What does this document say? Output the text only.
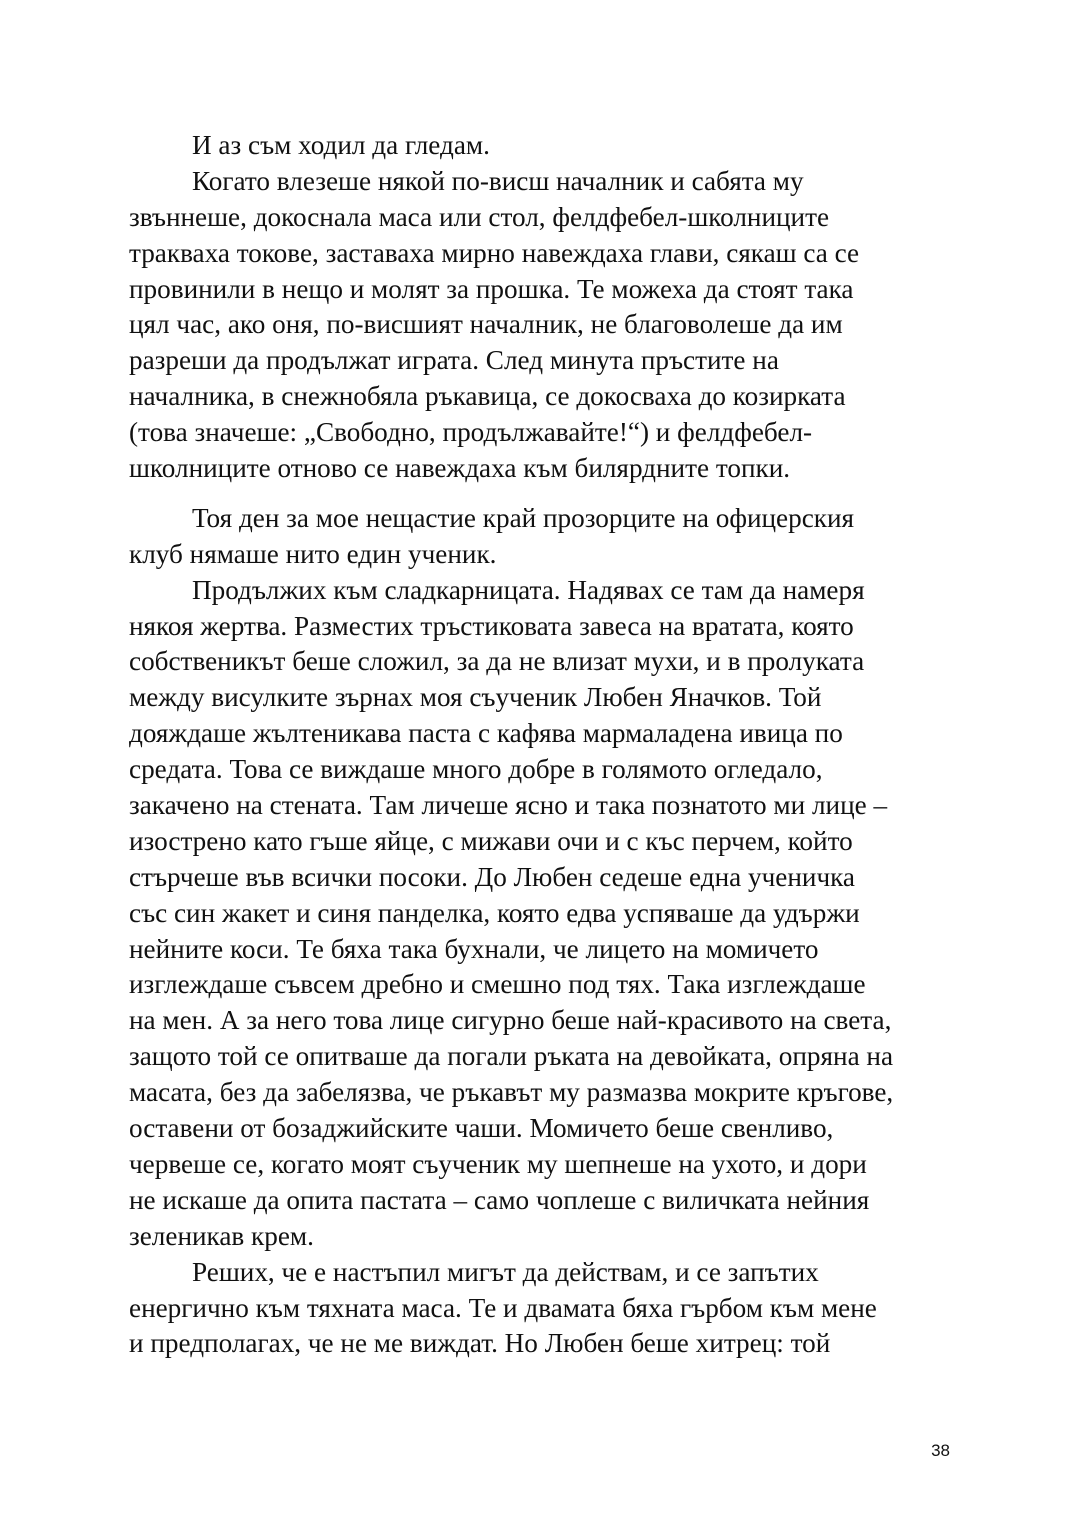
И аз съм ходил да гледам.
Когато влезеше някой по-висш началник и сабята му
звъннеше, докоснала маса или стол, фелдфебел-школниците
тракваха токове, заставаха мирно навеждаха глави, сякаш са се
провинили в нещо и молят за прошка. Те можеха да стоят така
цял час, ако оня, по-висшият началник, не благоволеше да им
разреши да продължат играта. След минута пръстите на
началника, в снежнобяла ръкавица, се докосваха до козирката
(това значеше: „Свободно, продължавайте!“) и фелдфебел-
школниците отново се навеждаха към билярдните топки.
Тоя ден за мое нещастие край прозорците на офицерския
клуб нямаше нито един ученик.
Продължих към сладкарницата. Надявах се там да намеря
някоя жертва. Разместих тръстиковата завеса на вратата, която
собственикът беше сложил, за да не влизат мухи, и в пролуката
между висулките зърнах моя съученик Любен Яначков. Той
дояждаше жълтеникава паста с кафява мармаладена ивица по
средата. Това се виждаше много добре в голямото огледало,
закачено на стената. Там личеше ясно и така познатото ми лице –
изострено като гъше яйце, с мижави очи и с къс перчем, който
стърчеше във всички посоки. До Любен седеше една ученичка
със син жакет и синя панделка, която едва успяваше да удържи
нейните коси. Те бяха така бухнали, че лицето на момичето
изглеждаше съвсем дребно и смешно под тях. Така изглеждаше
на мен. А за него това лице сигурно беше най-красивото на света,
защото той се опитваше да погали ръката на девойката, опряна на
масата, без да забелязва, че ръкавът му размазва мокрите кръгове,
оставени от бозаджийските чаши. Момичето беше свенливо,
червеше се, когато моят съученик му шепнеше на ухото, и дори
не искаше да опита пастата – само чоплеше с виличката нейния
зеленикав крем.
Реших, че е настъпил мигът да действам, и се запътих
енергично към тяхната маса. Те и двамата бяха гърбом към мене
и предполагах, че не ме виждат. Но Любен беше хитрец: той
38
